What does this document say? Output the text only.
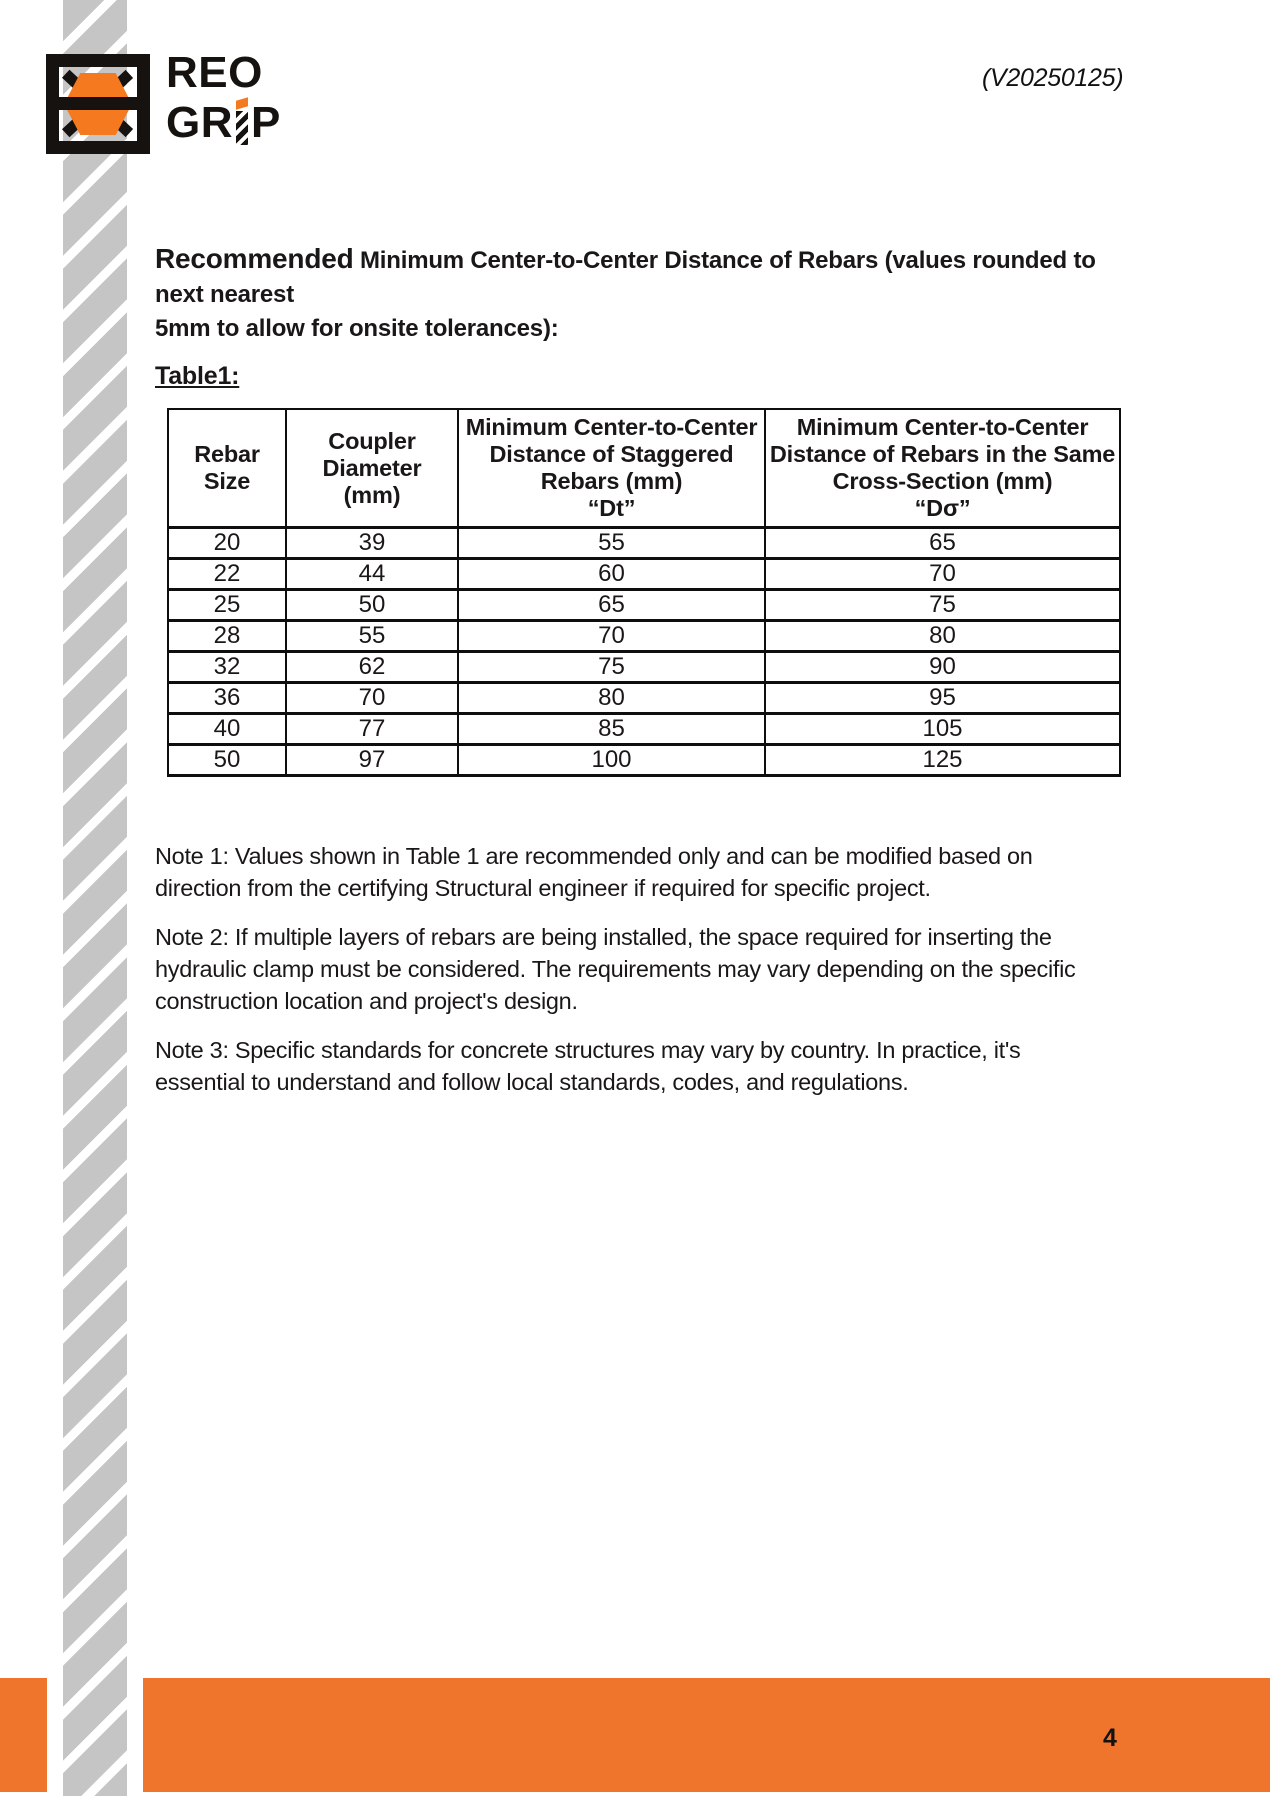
4
REO
GR P
(V20250125)
Recommended Minimum Center-to-Center Distance of Rebars (values rounded to next nearest
5mm to allow for onsite tolerances):
Table1:
Rebar
Size	Coupler
Diameter
(mm)	Minimum Center-to-Center
Distance of Staggered
Rebars (mm)
“Dt”	Minimum Center-to-Center
Distance of Rebars in the Same
Cross-Section (mm)
“Dσ”
20	39	55	65
22	44	60	70
25	50	65	75
28	55	70	80
32	62	75	90
36	70	80	95
40	77	85	105
50	97	100	125

Note 1: Values shown in Table 1 are recommended only and can be modified based on direction from the certifying Structural engineer if required for specific project.

Note 2: If multiple layers of rebars are being installed, the space required for inserting the hydraulic clamp must be considered. The requirements may vary depending on the specific construction location and project's design.

Note 3: Specific standards for concrete structures may vary by country. In practice, it's essential to understand and follow local standards, codes, and regulations.
